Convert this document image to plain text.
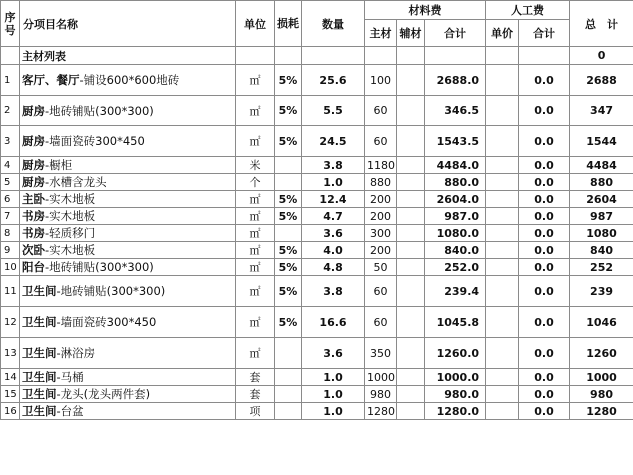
序号	分项目名称	单位	损耗	数量	材料费			人工费		总　计
					主材	辅材	合计	单价	合计	
	主材列表									0
1	客厅、餐厅-铺设600*600地砖	㎡	5%	25.6	100		2688.0		0.0	2688
2	厨房-地砖铺贴(300*300)	㎡	5%	5.5	60		346.5		0.0	347
3	厨房-墙面瓷砖300*450	㎡	5%	24.5	60		1543.5		0.0	1544
4	厨房-橱柜	米		3.8	1180		4484.0		0.0	4484
5	厨房-水槽含龙头	个		1.0	880		880.0		0.0	880
6	主卧-实木地板	㎡	5%	12.4	200		2604.0		0.0	2604
7	书房-实木地板	㎡	5%	4.7	200		987.0		0.0	987
8	书房-轻质移门	㎡		3.6	300		1080.0		0.0	1080
9	次卧-实木地板	㎡	5%	4.0	200		840.0		0.0	840
10	阳台-地砖铺贴(300*300)	㎡	5%	4.8	50		252.0		0.0	252
11	卫生间-地砖铺贴(300*300)	㎡	5%	3.8	60		239.4		0.0	239
12	卫生间-墙面瓷砖300*450	㎡	5%	16.6	60		1045.8		0.0	1046
13	卫生间-淋浴房	㎡		3.6	350		1260.0		0.0	1260
14	卫生间-马桶	套		1.0	1000		1000.0		0.0	1000
15	卫生间-龙头(龙头两件套)	套		1.0	980		980.0		0.0	980
16	卫生间-台盆	项		1.0	1280		1280.0		0.0	1280
